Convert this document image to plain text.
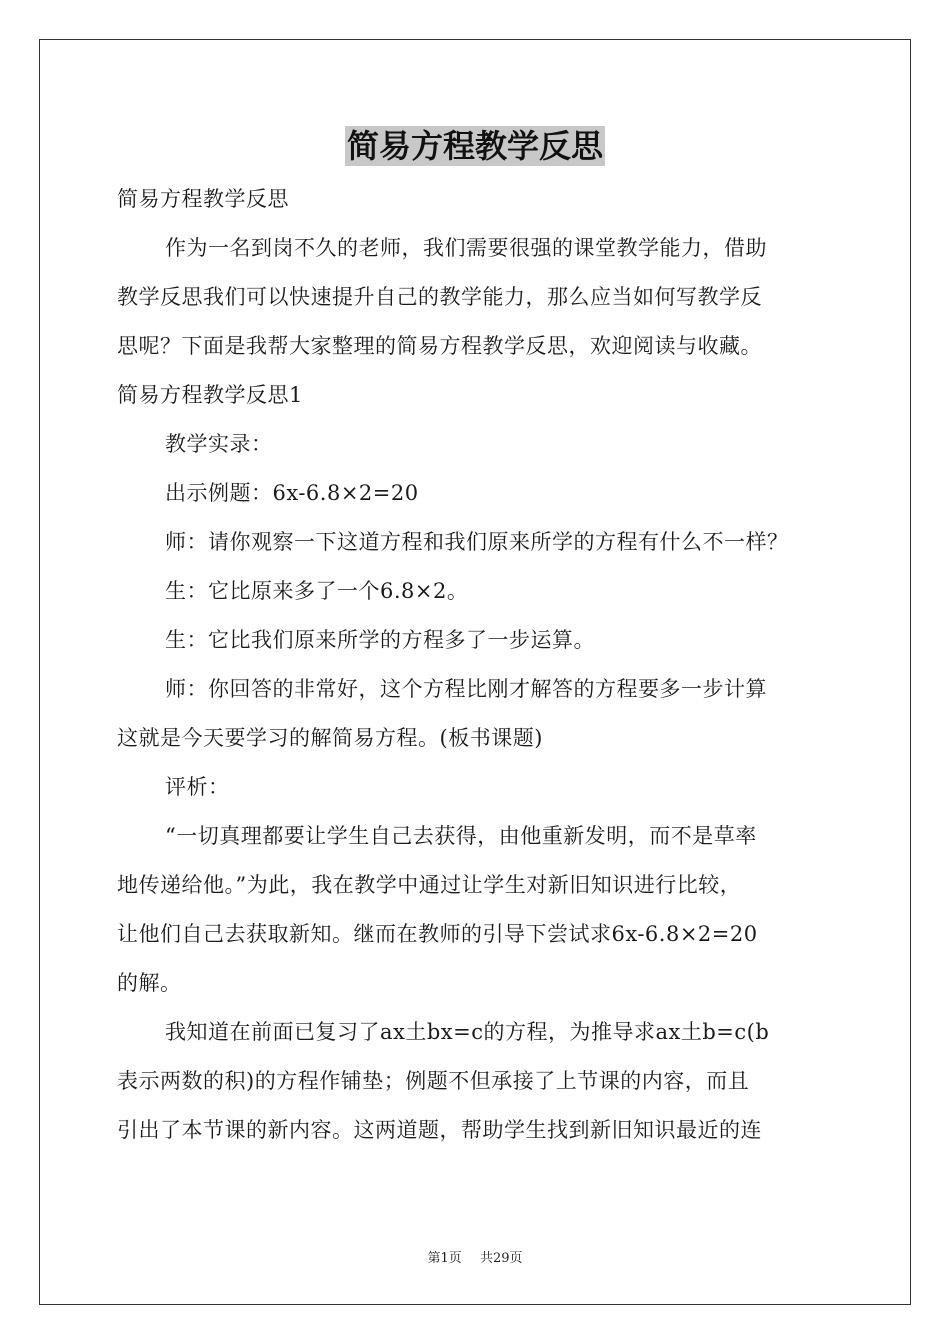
简易方程教学反思

简易方程教学反思

作为一名到岗不久的老师，我们需要很强的课堂教学能力，借助

教学反思我们可以快速提升自己的教学能力，那么应当如何写教学反

思呢？下面是我帮大家整理的简易方程教学反思，欢迎阅读与收藏。

简易方程教学反思1

教学实录：

出示例题：6x-6.8×2=20

师：请你观察一下这道方程和我们原来所学的方程有什么不一样？

生：它比原来多了一个6.8×2。

生：它比我们原来所学的方程多了一步运算。

师：你回答的非常好，这个方程比刚才解答的方程要多一步计算

这就是今天要学习的解简易方程。(板书课题)

评析：

“一切真理都要让学生自己去获得，由他重新发明，而不是草率

地传递给他。”为此，我在教学中通过让学生对新旧知识进行比较，

让他们自己去获取新知。继而在教师的引导下尝试求6x-6.8×2=20

的解。

我知道在前面已复习了ax土bx=c的方程，为推导求ax土b=c(b

表示两数的积)的方程作铺垫；例题不但承接了上节课的内容，而且

引出了本节课的新内容。这两道题，帮助学生找到新旧知识最近的连

第1页 共29页
